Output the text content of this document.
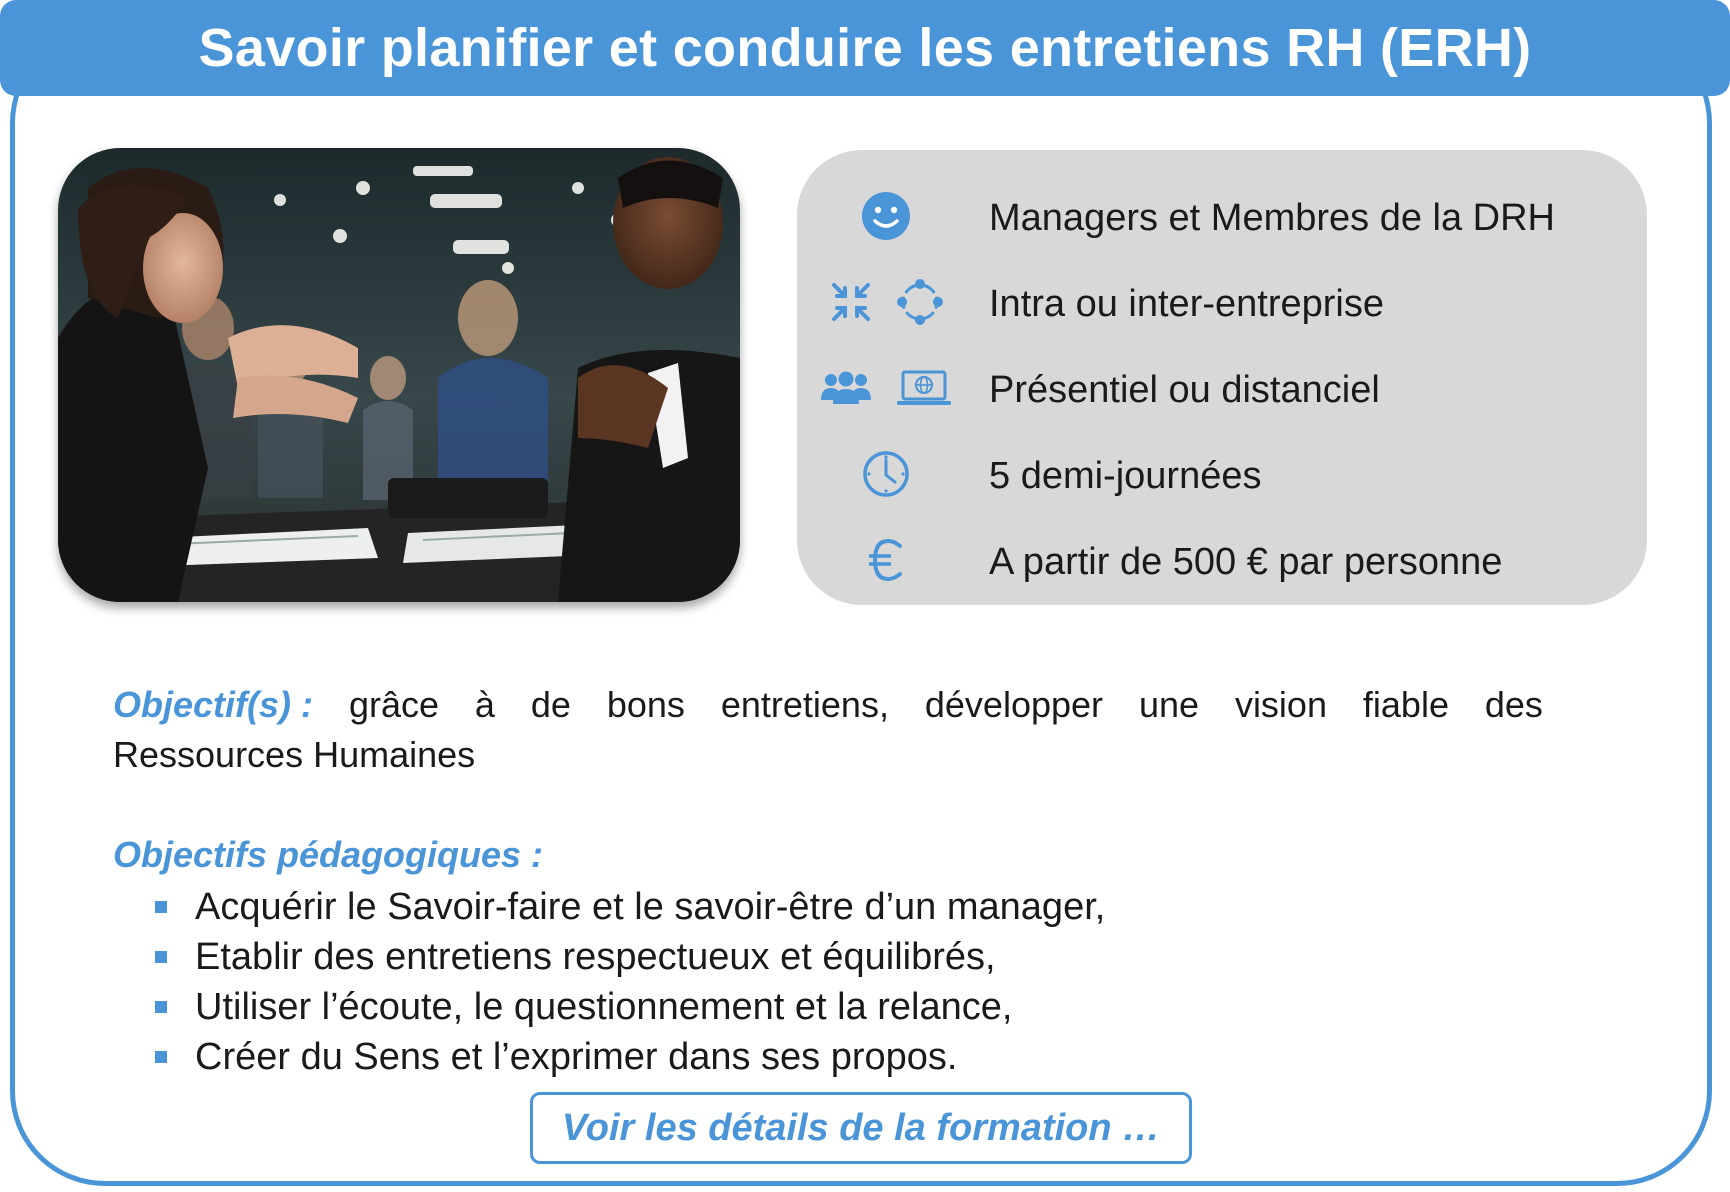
Savoir planifier et conduire les entretiens RH (ERH)
Managers et Membres de la DRH
Intra ou inter-entreprise
Présentiel ou distanciel
5 demi-journées
A partir de 500 € par personne
Objectif(s) : grâce à de bons entretiens, développer une vision fiable des
Ressources Humaines
Objectifs pédagogiques :
Acquérir le Savoir-faire et le savoir-être d’un manager,
Etablir des entretiens respectueux et équilibrés,
Utiliser l’écoute, le questionnement et la relance,
Créer du Sens et l’exprimer dans ses propos.
Voir les détails de la formation …
